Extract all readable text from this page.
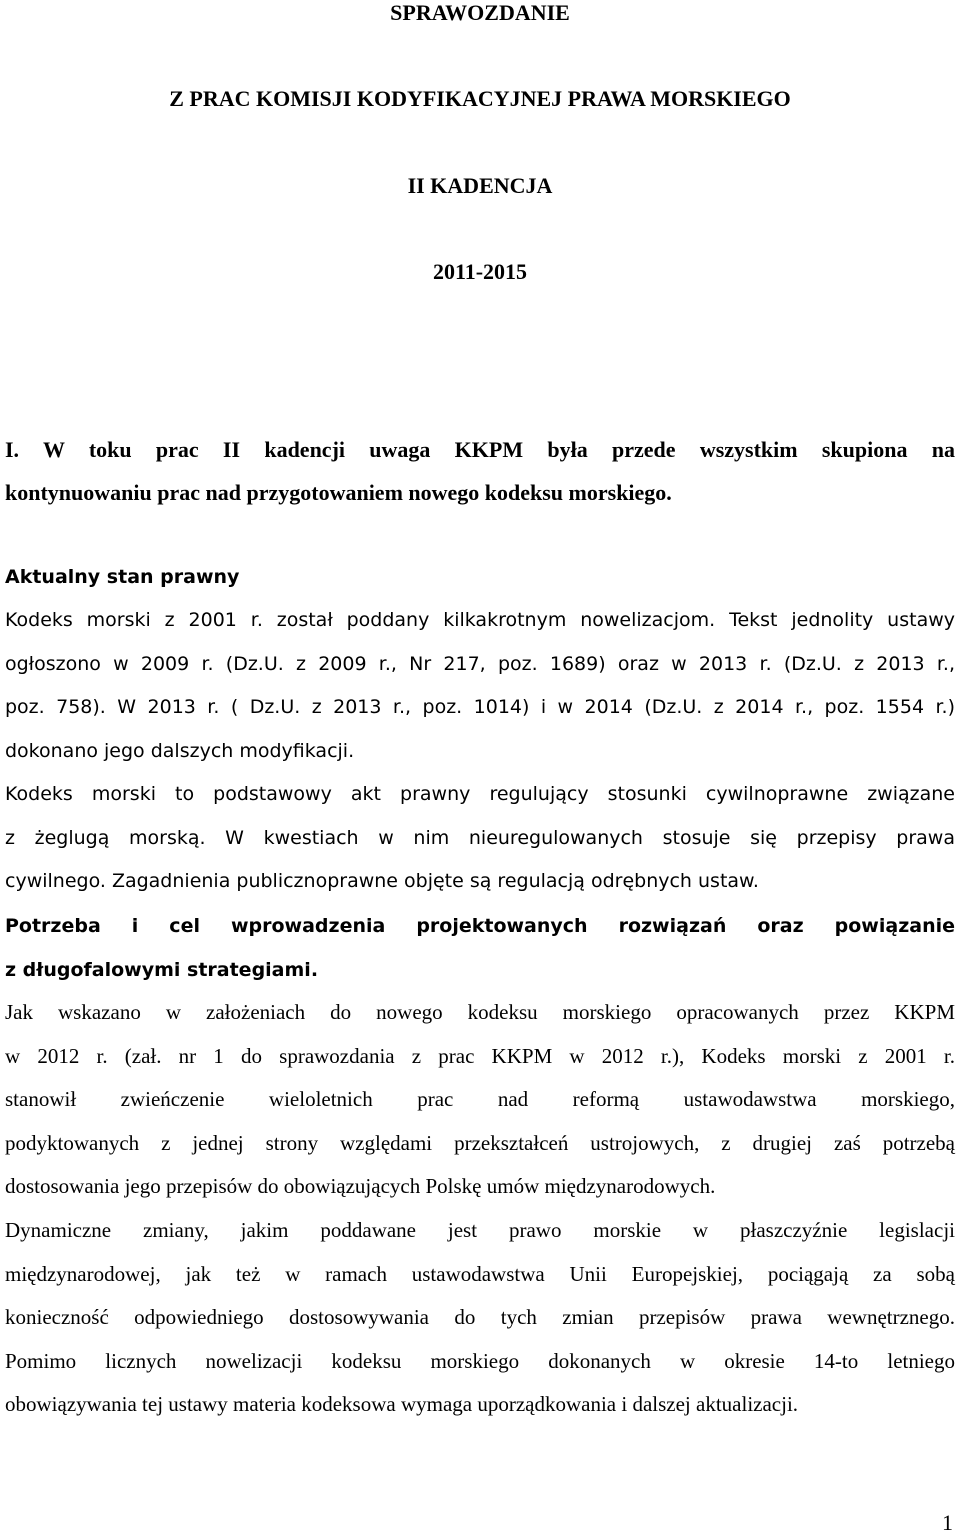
SPRAWOZDANIE

Z PRAC KOMISJI KODYFIKACYJNEJ PRAWA MORSKIEGO

II KADENCJA

2011-2015

I. W toku prac II kadencji uwaga KKPM była przede wszystkim skupiona na
kontynuowaniu prac nad przygotowaniem nowego kodeksu morskiego.
Aktualny stan prawny
Kodeks morski z 2001 r. został poddany kilkakrotnym nowelizacjom. Tekst jednolity ustawy
ogłoszono w 2009 r. (Dz.U. z 2009 r., Nr 217, poz. 1689) oraz w 2013 r. (Dz.U. z 2013 r.,
poz. 758). W 2013 r. ( Dz.U. z 2013 r., poz. 1014) i w 2014 (Dz.U. z 2014 r., poz. 1554 r.)
dokonano jego dalszych modyfikacji.
Kodeks morski to podstawowy akt prawny regulujący stosunki cywilnoprawne związane
z żeglugą morską. W kwestiach w nim nieuregulowanych stosuje się przepisy prawa
cywilnego. Zagadnienia publicznoprawne objęte są regulacją odrębnych ustaw.
Potrzeba i cel wprowadzenia projektowanych rozwiązań oraz powiązanie
z długofalowymi strategiami.
Jak wskazano w założeniach do nowego kodeksu morskiego opracowanych przez KKPM
w 2012 r. (zał. nr 1 do sprawozdania z prac KKPM w 2012 r.), Kodeks morski z 2001 r.
stanowił zwieńczenie wieloletnich prac nad reformą ustawodawstwa morskiego,
podyktowanych z jednej strony względami przekształceń ustrojowych, z drugiej zaś potrzebą
dostosowania jego przepisów do obowiązujących Polskę umów międzynarodowych.
Dynamiczne zmiany, jakim poddawane jest prawo morskie w płaszczyźnie legislacji
międzynarodowej, jak też w ramach ustawodawstwa Unii Europejskiej, pociągają za sobą
konieczność odpowiedniego dostosowywania do tych zmian przepisów prawa wewnętrznego.
Pomimo licznych nowelizacji kodeksu morskiego dokonanych w okresie 14-to letniego
obowiązywania tej ustawy materia kodeksowa wymaga uporządkowania i dalszej aktualizacji.
1
